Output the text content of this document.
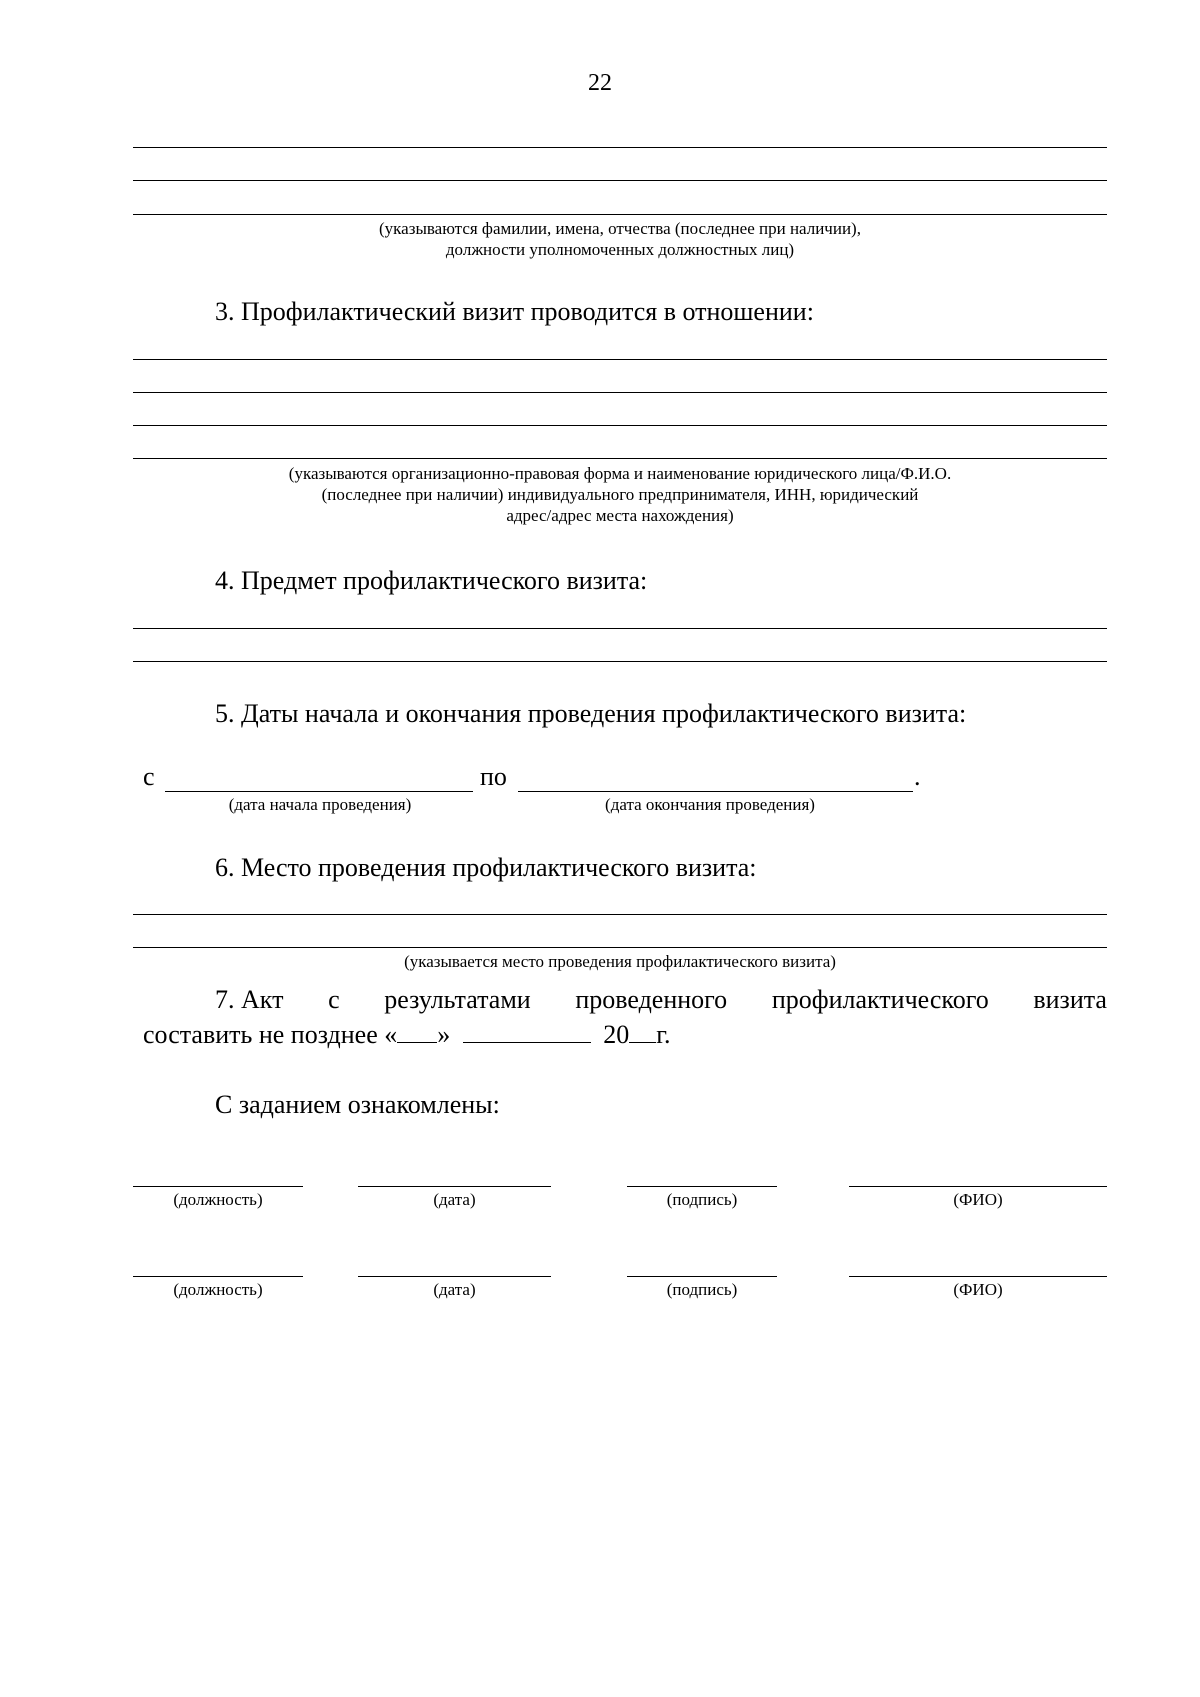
22
(указываются фамилии, имена, отчества (последнее при наличии),
должности уполномоченных должностных лиц)
3. Профилактический визит проводится в отношении:
(указываются организационно-правовая форма и наименование юридического лица/Ф.И.О.
(последнее при наличии) индивидуального предпринимателя, ИНН, юридический
адрес/адрес места нахождения)
4. Предмет профилактического визита:
5. Даты начала и окончания проведения профилактического визита:
с	по	.
(дата начала проведения)	(дата окончания проведения)
6. Место проведения профилактического визита:
(указывается место проведения профилактического визита)
7. Акт с результатами проведенного профилактического визита
составить не позднее « »	20 г.
С заданием ознакомлены:
(должность)	(дата)	(подпись)	(ФИО)
(должность)	(дата)	(подпись)	(ФИО)
